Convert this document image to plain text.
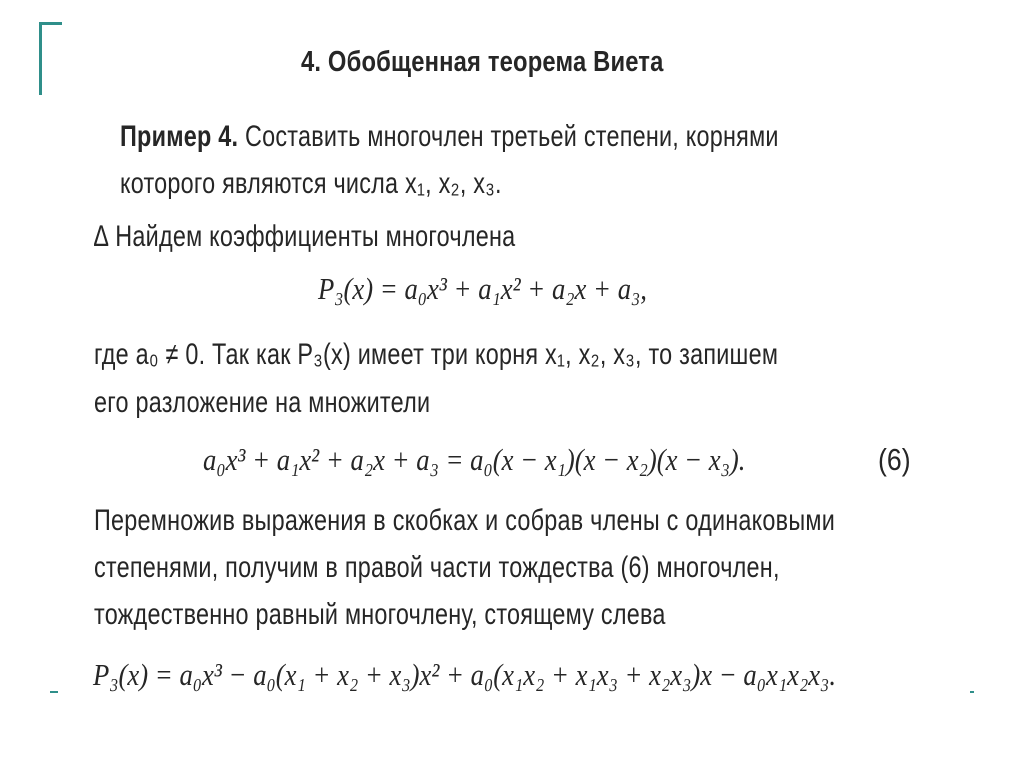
4. Обобщенная теорема Виета
Пример 4. Составить многочлен третьей степени, корнями
которого являются числа x₁, x₂, x₃.
∆ Найдем коэффициенты многочлена
P₃(x) = a₀x³ + a₁x² + a₂x + a₃,
где a₀ ≠ 0. Так как P₃(x) имеет три корня x₁, x₂, x₃, то запишем
его разложение на множители
a₀x³ + a₁x² + a₂x + a₃ = a₀(x − x₁)(x − x₂)(x − x₃).	(6)
Перемножив выражения в скобках и собрав члены с одинаковыми
степенями, получим в правой части тождества (6) многочлен,
тождественно равный многочлену, стоящему слева
P₃(x) = a₀x³ − a₀(x₁ + x₂ + x₃)x² + a₀(x₁x₂ + x₁x₃ + x₂x₃)x − a₀x₁x₂x₃.
